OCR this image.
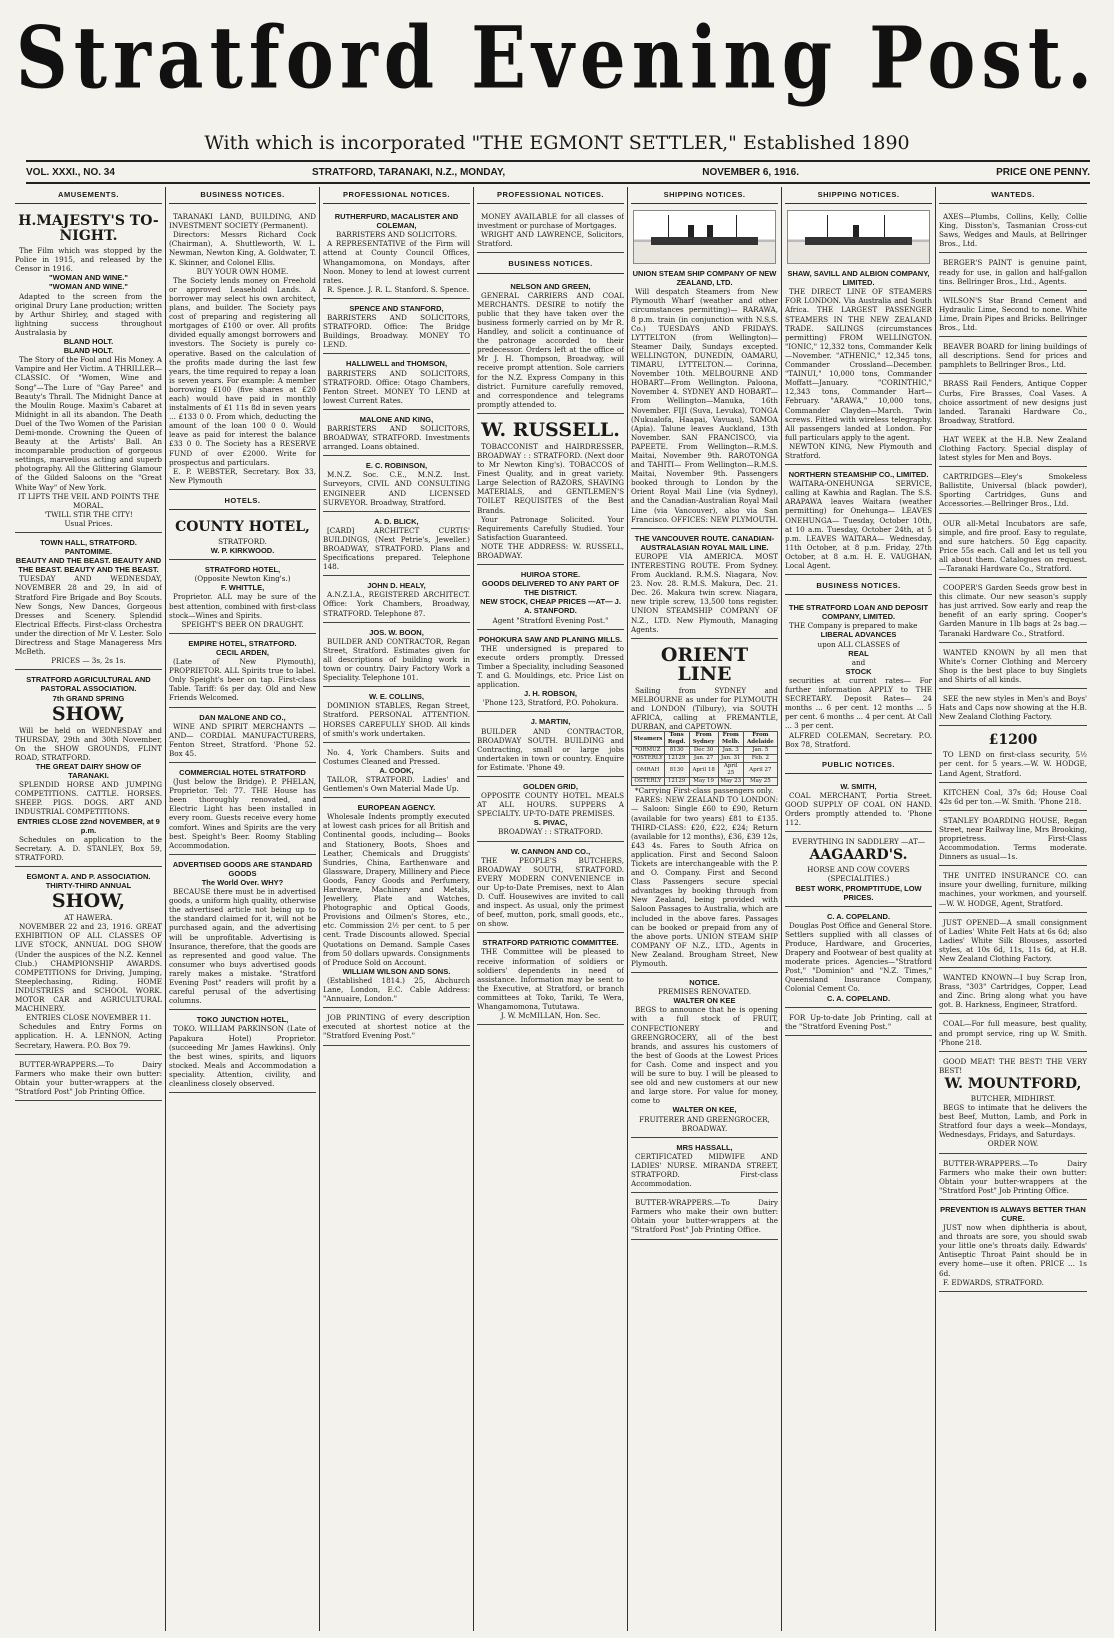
Stratford Evening Post.
With which is incorporated "THE EGMONT SETTLER," Established 1890
VOL. XXXI., NO. 34	STRATFORD, TARANAKI, N.Z., MONDAY,	NOVEMBER 6, 1916.	PRICE ONE PENNY.
AMUSEMENTS.
H.MAJESTY'S TO-NIGHT.

The Film which was stopped by the Police in 1915, and released by the Censor in 1916.

"WOMAN AND WINE."
"WOMAN AND WINE."

Adapted to the screen from the original Drury Lane production; written by Arthur Shirley, and staged with lightning success throughout Australasia by

BLAND HOLT.
BLAND HOLT.

The Story of the Fool and His Money. A Vampire and Her Victim. A THRILLER—CLASSIC. Of "Women, Wine and Song"—The Lure of "Gay Paree" and Beauty's Thrall. The Midnight Dance at the Moulin Rouge. Maxim's Cabaret at Midnight in all its abandon. The Death Duel of the Two Women of the Parisian Demi-monde. Crowning the Queen of Beauty at the Artists' Ball. An incomparable production of gorgeous settings, marvellous acting and superb photography. All the Glittering Glamour of the Gilded Saloons on the "Great White Way" of New York.

IT LIFTS THE VEIL AND POINTS THE MORAL.
'TWILL STIR THE CITY!
Usual Prices.
TOWN HALL, STRATFORD.
PANTOMIME.
BEAUTY AND THE BEAST. BEAUTY AND THE BEAST. BEAUTY AND THE BEAST.

TUESDAY AND WEDNESDAY, NOVEMBER 28 and 29, In aid of Stratford Fire Brigade and Boy Scouts. New Songs, New Dances, Gorgeous Dresses and Scenery. Splendid Electrical Effects. First-class Orchestra under the direction of Mr V. Lester. Solo Directress and Stage Manageress Mrs McBeth.

PRICES — 3s, 2s 1s.
STRATFORD AGRICULTURAL AND PASTORAL ASSOCIATION.
7th GRAND SPRING
SHOW,

Will be held on WEDNESDAY and THURSDAY, 29th and 30th November, On the SHOW GROUNDS, FLINT ROAD, STRATFORD.

THE GREAT DAIRY SHOW OF TARANAKI.

SPLENDID HORSE AND JUMPING COMPETITIONS. CATTLE. HORSES. SHEEP. PIGS. DOGS. ART AND INDUSTRIAL COMPETITIONS.

ENTRIES CLOSE 22nd NOVEMBER, at 9 p.m.

Schedules on application to the Secretary. A. D. STANLEY, Box 59, STRATFORD.

EGMONT A. AND P. ASSOCIATION.
THIRTY-THIRD ANNUAL
SHOW,
AT HAWERA.

NOVEMBER 22 and 23, 1916. GREAT EXHIBITION OF ALL CLASSES OF LIVE STOCK, ANNUAL DOG SHOW (Under the auspices of the N.Z. Kennel Club.) CHAMPIONSHIP AWARDS. COMPETITIONS for Driving, Jumping, Steeplechasing, Riding. HOME INDUSTRIES and SCHOOL WORK. MOTOR CAR and AGRICULTURAL MACHINERY.

ENTRIES CLOSE NOVEMBER 11.

Schedules and Entry Forms on application. H. A. LENNON, Acting Secretary, Hawera. P.O. Box 79.

BUTTER-WRAPPERS.—To Dairy Farmers who make their own butter: Obtain your butter-wrappers at the "Stratford Post" Job Printing Office.

BUSINESS NOTICES.

TARANAKI LAND, BUILDING, AND INVESTMENT SOCIETY (Permanent).

Directors: Messrs Richard Cock (Chairman), A. Shuttleworth, W. L. Newman, Newton King, A. Goldwater, T. K. Skinner, and Colonel Ellis.

BUY YOUR OWN HOME.

The Society lends money on Freehold or approved Leasehold Lands. A borrower may select his own architect, plans, and builder. The Society pays cost of preparing and registering all mortgages of £100 or over. All profits divided equally amongst borrowers and investors. The Society is purely co-operative. Based on the calculation of the profits made during the last few years, the time required to repay a loan is seven years. For example: A member borrowing £100 (five shares at £20 each) would have paid in monthly instalments of £1 11s 8d in seven years ... £133 0 0. From which, deducting the amount of the loan 100 0 0. Would leave as paid for interest the balance £33 0 0. The Society has a RESERVE FUND of over £2000. Write for prospectus and particulars.

E. P. WEBSTER, Secretary. Box 33, New Plymouth

HOTELS.
COUNTY HOTEL,
STRATFORD.
W. P. KIRKWOOD.
STRATFORD HOTEL,
(Opposite Newton King's.)
F. WHITTLE,

Proprietor. ALL may be sure of the best attention, combined with first-class stock—Wines and Spirits.

SPEIGHT'S BEER ON DRAUGHT.
EMPIRE HOTEL, STRATFORD.
CECIL ARDEN,

(Late of New Plymouth), PROPRIETOR. ALL Spirits true to label. Only Speight's beer on tap. First-class Table. Tariff: 6s per day. Old and New Friends Welcomed.

DAN MALONE AND CO.,

WINE AND SPIRIT MERCHANTS —AND— CORDIAL MANUFACTURERS, Fenton Street, Stratford. 'Phone 52. Box 45.

COMMERCIAL HOTEL STRATFORD

(Just below the Bridge). P. PHELAN, Proprietor. Tel: 77. THE House has been thoroughly renovated, and Electric Light has been installed in every room. Guests receive every home comfort. Wines and Spirits are the very best. Speight's Beer. Roomy Stabling Accommodation.

ADVERTISED GOODS ARE STANDARD GOODS
The World Over. WHY?

BECAUSE there must be in advertised goods, a uniform high quality, otherwise the advertised article not being up to the standard claimed for it, will not be purchased again, and the advertising will be unprofitable. Advertising is Insurance, therefore, that the goods are as represented and good value. The consumer who buys advertised goods rarely makes a mistake. "Stratford Evening Post" readers will profit by a careful perusal of the advertising columns.

TOKO JUNCTION HOTEL,

TOKO. WILLIAM PARKINSON (Late of Papakura Hotel) Proprietor. (succeeding Mr James Hawkins). Only the best wines, spirits, and liquors stocked. Meals and Accommodation a speciality. Attention, civility, and cleanliness closely observed.

PROFESSIONAL NOTICES.
RUTHERFURD, MACALISTER AND COLEMAN,
BARRISTERS AND SOLICITORS.

A REPRESENTATIVE of the Firm will attend at County Council Offices, Whangamomona, on Mondays, after Noon. Money to lend at lowest current rates.

R. Spence. J. R. L. Stanford. S. Spence.

SPENCE AND STANFORD,

BARRISTERS AND SOLICITORS, STRATFORD. Office: The Bridge Buildings, Broadway. MONEY TO LEND.

HALLIWELL and THOMSON,

BARRISTERS AND SOLICITORS, STRATFORD. Office: Otago Chambers, Fenton Street. MONEY TO LEND at lowest Current Rates.

MALONE AND KING,

BARRISTERS AND SOLICITORS, BROADWAY, STRATFORD. Investments arranged. Loans obtained.

E. C. ROBINSON,

M.N.Z. Soc. C.E., M.N.Z. Inst. Surveyors, CIVIL AND CONSULTING ENGINEER AND LICENSED SURVEYOR. Broadway, Stratford.

A. D. BLICK,

[CARD] ARCHITECT CURTIS' BUILDINGS, (Next Petrie's, Jeweller.) BROADWAY, STRATFORD. Plans and Specifications prepared. Telephone 148.

JOHN D. HEALY,

A.N.Z.I.A., REGISTERED ARCHITECT. Office: York Chambers, Broadway, STRATFORD. Telephone 87.

JOS. W. BOON,

BUILDER AND CONTRACTOR, Regan Street, Stratford. Estimates given for all descriptions of building work in town or country. Dairy Factory Work a Speciality. Telephone 101.

W. E. COLLINS,

DOMINION STABLES, Regan Street, Stratford. PERSONAL ATTENTION. HORSES CAREFULLY SHOD. All kinds of smith's work undertaken.

No. 4, York Chambers. Suits and Costumes Cleaned and Pressed.

A. COOK,

TAILOR, STRATFORD. Ladies' and Gentlemen's Own Material Made Up.

EUROPEAN AGENCY.

Wholesale Indents promptly executed at lowest cash prices for all British and Continental goods, including— Books and Stationery, Boots, Shoes and Leather, Chemicals and Druggists' Sundries, China, Earthenware and Glassware, Drapery, Millinery and Piece Goods, Fancy Goods and Perfumery, Hardware, Machinery and Metals, Jewellery, Plate and Watches, Photographic and Optical Goods, Provisions and Oilmen's Stores, etc., etc. Commission 2½ per cent. to 5 per cent. Trade Discounts allowed. Special Quotations on Demand. Sample Cases from 50 dollars upwards. Consignments of Produce Sold on Account.

WILLIAM WILSON AND SONS.

(Established 1814.) 25, Abchurch Lane, London, E.C. Cable Address: "Annuaire, London."

JOB PRINTING of every description executed at shortest notice at the "Stratford Evening Post."

PROFESSIONAL NOTICES.

MONEY AVAILABLE for all classes of investment or purchase of Mortgages.

WRIGHT AND LAWRENCE, Solicitors, Stratford.

BUSINESS NOTICES.
NELSON AND GREEN,

GENERAL CARRIERS AND COAL MERCHANTS. DESIRE to notify the public that they have taken over the business formerly carried on by Mr R. Handley, and solicit a continuance of the patronage accorded to their predecessor. Orders left at the office of Mr J. H. Thompson, Broadway, will receive prompt attention. Sole carriers for the N.Z. Express Company in this district. Furniture carefully removed, and correspondence and telegrams promptly attended to.

W. RUSSELL.

TOBACCONIST and HAIRDRESSER, BROADWAY : : STRATFORD. (Next door to Mr Newton King's). TOBACCOS of Finest Quality, and in great variety. Large Selection of RAZORS, SHAVING MATERIALS, and GENTLEMEN'S TOILET REQUISITES of the Best Brands.

Your Patronage Solicited. Your Requirements Carefully Studied. Your Satisfaction Guaranteed.

NOTE THE ADDRESS: W. RUSSELL, BROADWAY.

HUIROA STORE.
GOODS DELIVERED TO ANY PART OF THE DISTRICT.
NEW STOCK, CHEAP PRICES —AT— J. A. STANFORD.
Agent "Stratford Evening Post."
POHOKURA SAW AND PLANING MILLS.

THE undersigned is prepared to execute orders promptly. Dressed Timber a Speciality, including Seasoned T. and G. Mouldings, etc. Price List on application.

J. H. ROBSON,
'Phone 123, Stratford, P.O. Pohokura.
J. MARTIN,

BUILDER AND CONTRACTOR, BROADWAY SOUTH. BUILDING and Contracting, small or large jobs undertaken in town or country. Enquire for Estimate. 'Phone 49.

GOLDEN GRID,

OPPOSITE COUNTY HOTEL. MEALS AT ALL HOURS. SUPPERS A SPECIALTY. UP-TO-DATE PREMISES.

S. PIVAC,
BROADWAY : : STRATFORD.
W. CANNON AND CO.,

THE PEOPLE'S BUTCHERS, BROADWAY SOUTH, STRATFORD. EVERY MODERN CONVENIENCE in our Up-to-Date Premises, next to Alan D. Cuff. Housewives are invited to call and inspect. As usual, only the primest of beef, mutton, pork, small goods, etc., on show.

STRATFORD PATRIOTIC COMMITTEE.

THE Committee will be pleased to receive information of soldiers or soldiers' dependents in need of assistance. Information may be sent to the Executive, at Stratford, or branch committees at Toko, Tariki, Te Wera, Whangamomona, Tututawa.

J. W. McMILLAN, Hon. Sec.
SHIPPING NOTICES.
UNION STEAM SHIP COMPANY OF NEW ZEALAND, LTD.

Will despatch Steamers from New Plymouth Wharf (weather and other circumstances permitting)— RARAWA, 8 p.m. train (in conjunction with N.S.S. Co.) TUESDAYS AND FRIDAYS. LYTTELTON (from Wellington)— Steamer Daily, Sundays excepted. WELLINGTON, DUNEDIN, OAMARU, TIMARU, LYTTELTON.— Corinna, November 10th. MELBOURNE AND HOBART—From Wellington. Paloona, November 4. SYDNEY AND HOBART— From Wellington—Manuka, 16th November. FIJI (Suva, Levuka), TONGA (Nukualofa, Haapai, Vavuau), SAMOA (Apia). Talune leaves Auckland, 13th November. SAN FRANCISCO, via PAPEETE. From Wellington—R.M.S. Maitai, November 9th. RAROTONGA and TAHITI— From Wellington—R.M.S. Maitai, November 9th. Passengers booked through to London by the Orient Royal Mail Line (via Sydney), and the Canadian-Australian Royal Mail Line (via Vancouver), also via San Francisco. OFFICES: NEW PLYMOUTH.

THE VANCOUVER ROUTE. CANADIAN-AUSTRALASIAN ROYAL MAIL LINE.

EUROPE VIA AMERICA. MOST INTERESTING ROUTE. From Sydney. From Auckland. R.M.S. Niagara, Nov. 23. Nov. 28. R.M.S. Makura, Dec. 21. Dec. 26. Makura twin screw. Niagara, new triple screw, 13,500 tons register. UNION STEAMSHIP COMPANY OF N.Z., LTD. New Plymouth, Managing Agents.

ORIENT LINE

Sailing from SYDNEY and MELBOURNE as under for PLYMOUTH and LONDON (Tilbury), via SOUTH AFRICA, calling at FREMANTLE, DURBAN, and CAPETOWN.

Steamers	Tons Regd.	From Sydney	From Melb.	From Adelaide
*ORMUZ	8130	Dec 30	Jan. 3	Jan. 5
*OSTERLY	12129	Jan. 27	Jan. 31	Feb. 2
OMRAH	8130	April 18	April 25	April 27
OSTERLY	12129	May 19	May 23	May 25

*Carrying First-class passengers only.

FARES: NEW ZEALAND TO LONDON:— Saloon: Single £60 to £90, Return (available for two years) £81 to £135. THIRD-CLASS: £20, £22, £24; Return (available for 12 months), £36, £39 12s, £43 4s. Fares to South Africa on application. First and Second Saloon Tickets are interchangeable with the P. and O. Company. First and Second Class Passengers secure special advantages by booking through from New Zealand, being provided with Saloon Passages to Australia, which are included in the above fares. Passages can be booked or prepaid from any of the above ports. UNION STEAM SHIP COMPANY OF N.Z., LTD., Agents in New Zealand. Brougham Street, New Plymouth.

NOTICE.
PREMISES RENOVATED.
WALTER ON KEE

BEGS to announce that he is opening with a full stock of FRUIT, CONFECTIONERY and GREENGROCERY, all of the best brands, and assures his customers of the best of Goods at the Lowest Prices for Cash. Come and inspect and you will be sure to buy. I will be pleased to see old and new customers at our new and large store. For value for money, come to

WALTER ON KEE,
FRUITERER AND GREENGROCER, BROADWAY.
MRS HASSALL,

CERTIFICATED MIDWIFE AND LADIES' NURSE. MIRANDA STREET, STRATFORD. First-class Accommodation.

BUTTER-WRAPPERS.—To Dairy Farmers who make their own butter: Obtain your butter-wrappers at the "Stratford Post" Job Printing Office.

SHIPPING NOTICES.
SHAW, SAVILL AND ALBION COMPANY, LIMITED.

THE DIRECT LINE OF STEAMERS FOR LONDON. Via Australia and South Africa. THE LARGEST PASSENGER STEAMERS IN THE NEW ZEALAND TRADE. SAILINGS (circumstances permitting) FROM WELLINGTON. "IONIC," 12,332 tons, Commander Kelk—November. "ATHENIC," 12,345 tons, Commander Crossland—December. "TAINUI," 10,000 tons, Commander Moffatt—January. "CORINTHIC," 12,343 tons, Commander Hart—February. "ARAWA," 10,000 tons, Commander Clayden—March. Twin screws. Fitted with wireless telegraphy. All passengers landed at London. For full particulars apply to the agent.

NEWTON KING, New Plymouth and Stratford.

NORTHERN STEAMSHIP CO., LIMITED.

WAITARA-ONEHUNGA SERVICE, calling at Kawhia and Raglan. The S.S. ARAPAWA leaves Waitara (weather permitting) for Onehunga— LEAVES ONEHUNGA— Tuesday, October 10th, at 10 a.m. Tuesday, October 24th, at 5 p.m. LEAVES WAITARA— Wednesday, 11th October, at 8 p.m. Friday, 27th October, at 8 a.m. H. E. VAUGHAN, Local Agent.

BUSINESS NOTICES.
THE STRATFORD LOAN AND DEPOSIT COMPANY, LIMITED.

THE Company is prepared to make

LIBERAL ADVANCES
upon ALL CLASSES of
REAL
and
STOCK

securities at current rates— For further information APPLY to THE SECRETARY. Deposit Rates— 24 months ... 6 per cent. 12 months ... 5 per cent. 6 months ... 4 per cent. At Call ... 3 per cent.

ALFRED COLEMAN, Secretary. P.O. Box 78, Stratford.

PUBLIC NOTICES.
W. SMITH,

COAL MERCHANT, Portia Street. GOOD SUPPLY OF COAL ON HAND. Orders promptly attended to. 'Phone 112.

EVERYTHING IN SADDLERY —AT—
AAGAARD'S.
HORSE AND COW COVERS (SPECIALITIES.)
BEST WORK, PROMPTITUDE, LOW PRICES.
C. A. COPELAND.

Douglas Post Office and General Store. Settlers supplied with all classes of Produce, Hardware, and Groceries, Drapery and Footwear of best quality at moderate prices. Agencies—"Stratford Post," "Dominion" and "N.Z. Times," Queensland Insurance Company, Colonial Cement Co.

C. A. COPELAND.

FOR Up-to-date Job Printing, call at the "Stratford Evening Post."

WANTEDS.

AXES—Plumbs, Collins, Kelly, Collie King, Disston's, Tasmanian Cross-cut Saws, Wedges and Mauls, at Bellringer Bros., Ltd.

BERGER'S PAINT is genuine paint, ready for use, in gallon and half-gallon tins. Bellringer Bros., Ltd., Agents.

WILSON'S Star Brand Cement and Hydraulic Lime, Second to none. White Lime, Drain Pipes and Bricks. Bellringer Bros., Ltd.

BEAVER BOARD for lining buildings of all descriptions. Send for prices and pamphlets to Bellringer Bros., Ltd.

BRASS Rail Fenders, Antique Copper Curbs, Fire Brasses, Coal Vases. A choice assortment of new designs just landed. Taranaki Hardware Co., Broadway, Stratford.

HAT WEEK at the H.B. New Zealand Clothing Factory. Special display of latest styles for Men and Boys.

CARTRIDGES—Eley's Smokeless Ballistite, Universal (black powder), Sporting Cartridges, Guns and Accessories.—Bellringer Bros., Ltd.

OUR all-Metal Incubators are safe, simple, and fire proof. Easy to regulate, and sure hatchers. 50 Egg capacity. Price 55s each. Call and let us tell you all about them. Catalogues on request.—Taranaki Hardware Co., Stratford.

COOPER'S Garden Seeds grow best in this climate. Our new season's supply has just arrived. Sow early and reap the benefit of an early spring. Cooper's Garden Manure in 1lb bags at 2s bag.—Taranaki Hardware Co., Stratford.

WANTED KNOWN by all men that White's Corner Clothing and Mercery Shop is the best place to buy Singlets and Shirts of all kinds.

SEE the new styles in Men's and Boys' Hats and Caps now showing at the H.B. New Zealand Clothing Factory.

£1200

TO LEND on first-class security, 5½ per cent. for 5 years.—W. W. HODGE, Land Agent, Stratford.

KITCHEN Coal, 37s 6d; House Coal 42s 6d per ton.—W. Smith. 'Phone 218.

STANLEY BOARDING HOUSE, Regan Street, near Railway line, Mrs Brooking, proprietress. First-Class Accommodation. Terms moderate. Dinners as usual—1s.

THE UNITED INSURANCE CO. can insure your dwelling, furniture, milking machines, your workmen, and yourself.—W. W. HODGE, Agent, Stratford.

JUST OPENED—A small consignment of Ladies' White Felt Hats at 6s 6d; also Ladies' White Silk Blouses, assorted styles, at 10s 6d, 11s, 11s 6d, at H.B. New Zealand Clothing Factory.

WANTED KNOWN—I buy Scrap Iron, Brass, "303" Cartridges, Copper, Lead and Zinc. Bring along what you have got. B. Harkness, Engineer, Stratford.

COAL—For full measure, best quality, and prompt service, ring up W. Smith. 'Phone 218.

GOOD MEAT! THE BEST! THE VERY BEST!

W. MOUNTFORD,
BUTCHER, MIDHIRST.

BEGS to intimate that he delivers the best Beef, Mutton, Lamb, and Pork in Stratford four days a week—Mondays, Wednesdays, Fridays, and Saturdays.

ORDER NOW.

BUTTER-WRAPPERS.—To Dairy Farmers who make their own butter: Obtain your butter-wrappers at the "Stratford Post" Job Printing Office.

PREVENTION IS ALWAYS BETTER THAN CURE.

JUST now when diphtheria is about, and throats are sore, you should swab your little one's throats daily. Edwards' Antiseptic Throat Paint should be in every home—use it often. PRICE ... 1s 6d.

F. EDWARDS, STRATFORD.
